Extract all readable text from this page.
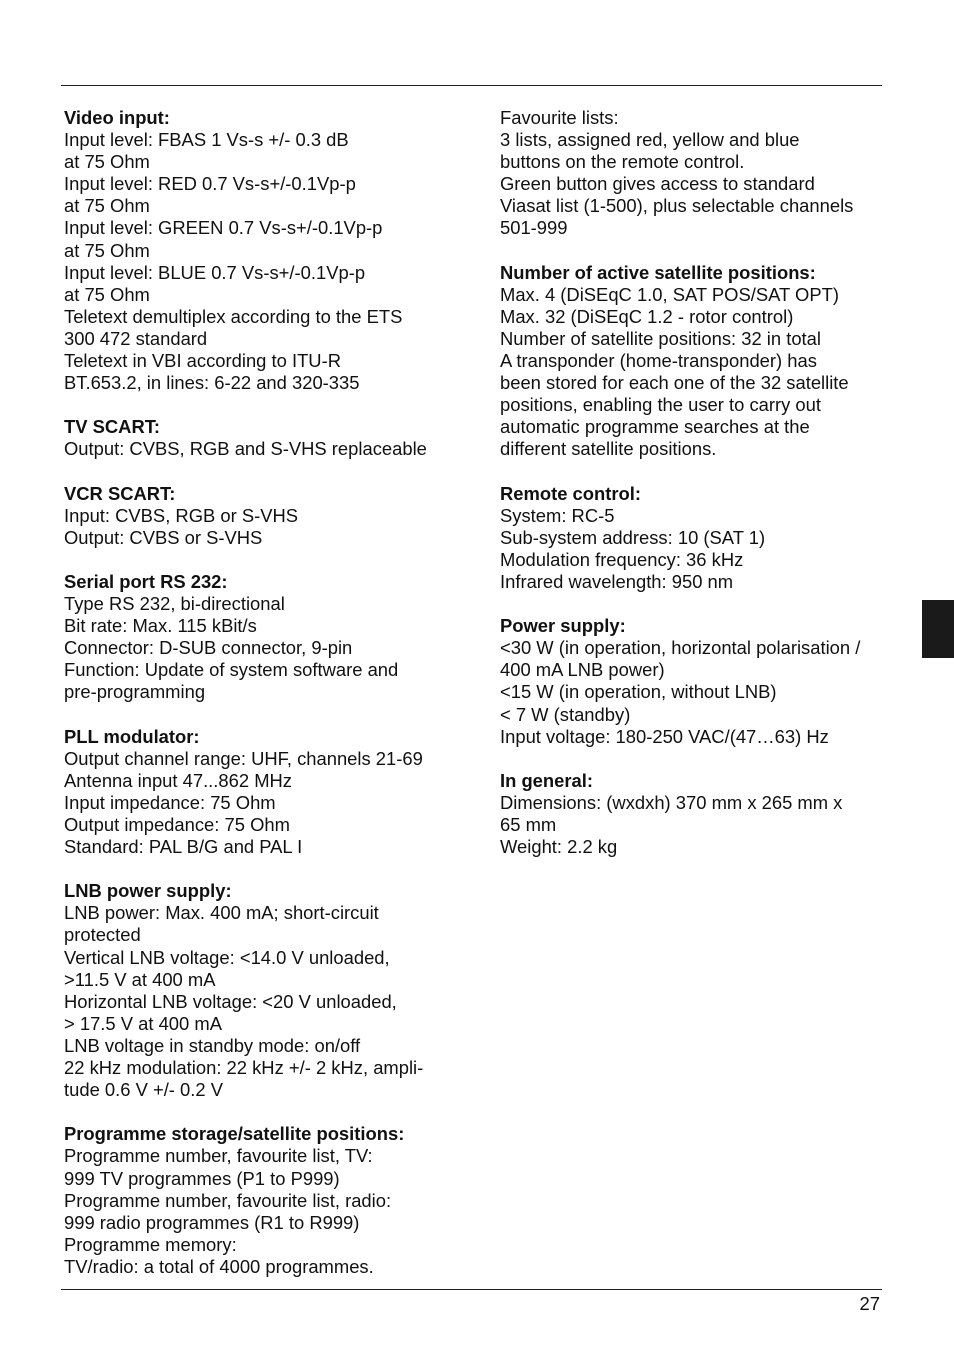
Video input:
Input level: FBAS 1 Vs-s +/- 0.3 dB
at 75 Ohm
Input level: RED 0.7 Vs-s+/-0.1Vp-p
at 75 Ohm
Input level: GREEN 0.7 Vs-s+/-0.1Vp-p
at 75 Ohm
Input level: BLUE 0.7 Vs-s+/-0.1Vp-p
at 75 Ohm
Teletext demultiplex according to the ETS
300 472 standard
Teletext in VBI according to ITU-R
BT.653.2, in lines: 6-22 and 320-335
TV SCART:
Output: CVBS, RGB and S-VHS replaceable
VCR SCART:
Input: CVBS, RGB or S-VHS
Output: CVBS or S-VHS
Serial port RS 232:
Type RS 232, bi-directional
Bit rate: Max. 115 kBit/s
Connector: D-SUB connector, 9-pin
Function: Update of system software and
pre-programming
PLL modulator:
Output channel range: UHF, channels 21-69
Antenna input 47...862 MHz
Input impedance: 75 Ohm
Output impedance: 75 Ohm
Standard: PAL B/G and PAL I
LNB power supply:
LNB power: Max. 400 mA; short-circuit
protected
Vertical LNB voltage: <14.0 V unloaded,
>11.5 V at 400 mA
Horizontal LNB voltage: <20 V unloaded,
> 17.5 V at 400 mA
LNB voltage in standby mode: on/off
22 kHz modulation: 22 kHz +/- 2 kHz, ampli-
tude 0.6 V +/- 0.2 V
Programme storage/satellite positions:
Programme number, favourite list, TV:
999 TV programmes (P1 to P999)
Programme number, favourite list, radio:
999 radio programmes (R1 to R999)
Programme memory:
TV/radio: a total of 4000 programmes.
Favourite lists:
3 lists, assigned red, yellow and blue
buttons on the remote control.
Green button gives access to standard
Viasat list (1-500), plus selectable channels
501-999
Number of active satellite positions:
Max. 4 (DiSEqC 1.0, SAT POS/SAT OPT)
Max. 32 (DiSEqC 1.2 - rotor control)
Number of satellite positions: 32 in total
A transponder (home-transponder) has
been stored for each one of the 32 satellite
positions, enabling the user to carry out
automatic programme searches at the
different satellite positions.
Remote control:
System: RC-5
Sub-system address: 10 (SAT 1)
Modulation frequency: 36 kHz
Infrared wavelength: 950 nm
Power supply:
<30 W (in operation, horizontal polarisation /
400 mA LNB power)
<15 W (in operation, without LNB)
< 7 W (standby)
Input voltage: 180-250 VAC/(47…63) Hz
In general:
Dimensions: (wxdxh) 370 mm x 265 mm x
65 mm
Weight: 2.2 kg
27
